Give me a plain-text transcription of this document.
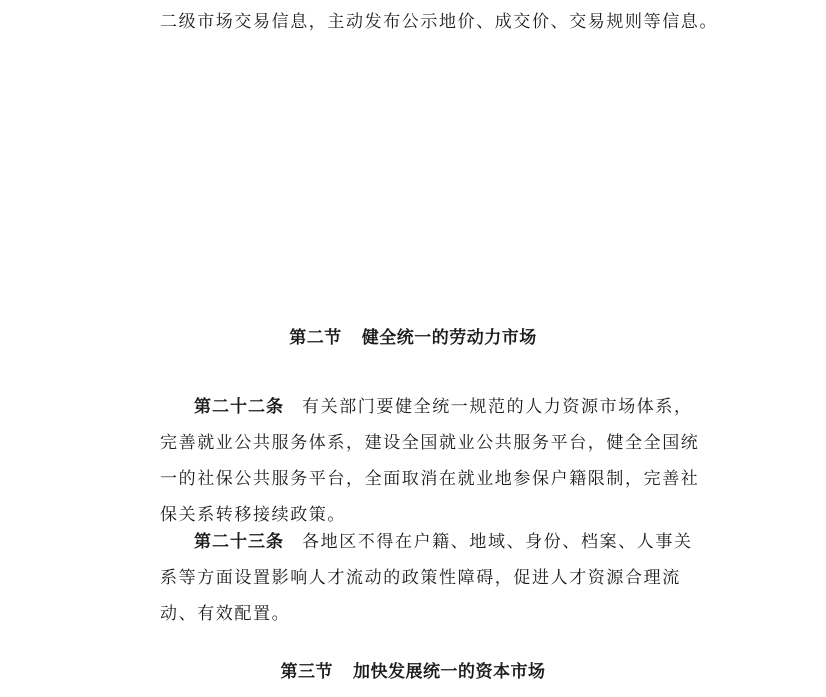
二级市场交易信息，主动发布公示地价、成交价、交易规则等信息。
第二节 健全统一的劳动力市场
第二十二条 有关部门要健全统一规范的人力资源市场体系，
完善就业公共服务体系，建设全国就业公共服务平台，健全全国统
一的社保公共服务平台，全面取消在就业地参保户籍限制，完善社
保关系转移接续政策。
第二十三条 各地区不得在户籍、地域、身份、档案、人事关
系等方面设置影响人才流动的政策性障碍，促进人才资源合理流
动、有效配置。
第三节 加快发展统一的资本市场
